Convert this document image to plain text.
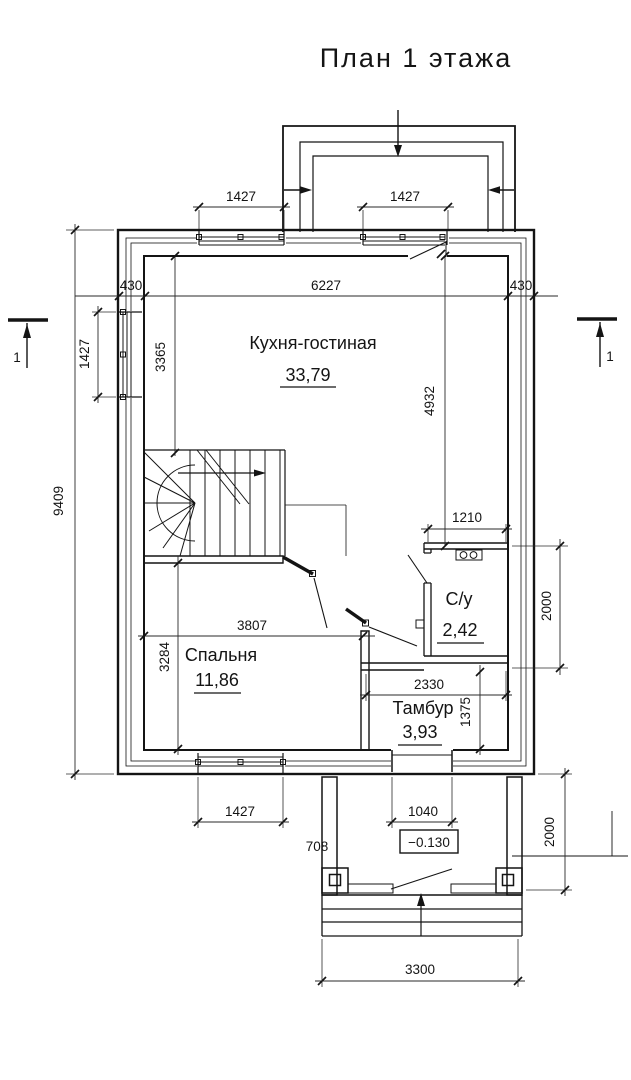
План 1 этажа
1	1
1427	1427
430	6227	430
1427
9409
3365
4932
1210
2000
3807
3284
2330
1375
1427	1040
708	−0.130	2000
3300
Кухня-гостиная
33,79
Спальня
11,86
С/у
2,42
Тамбур
3,93
